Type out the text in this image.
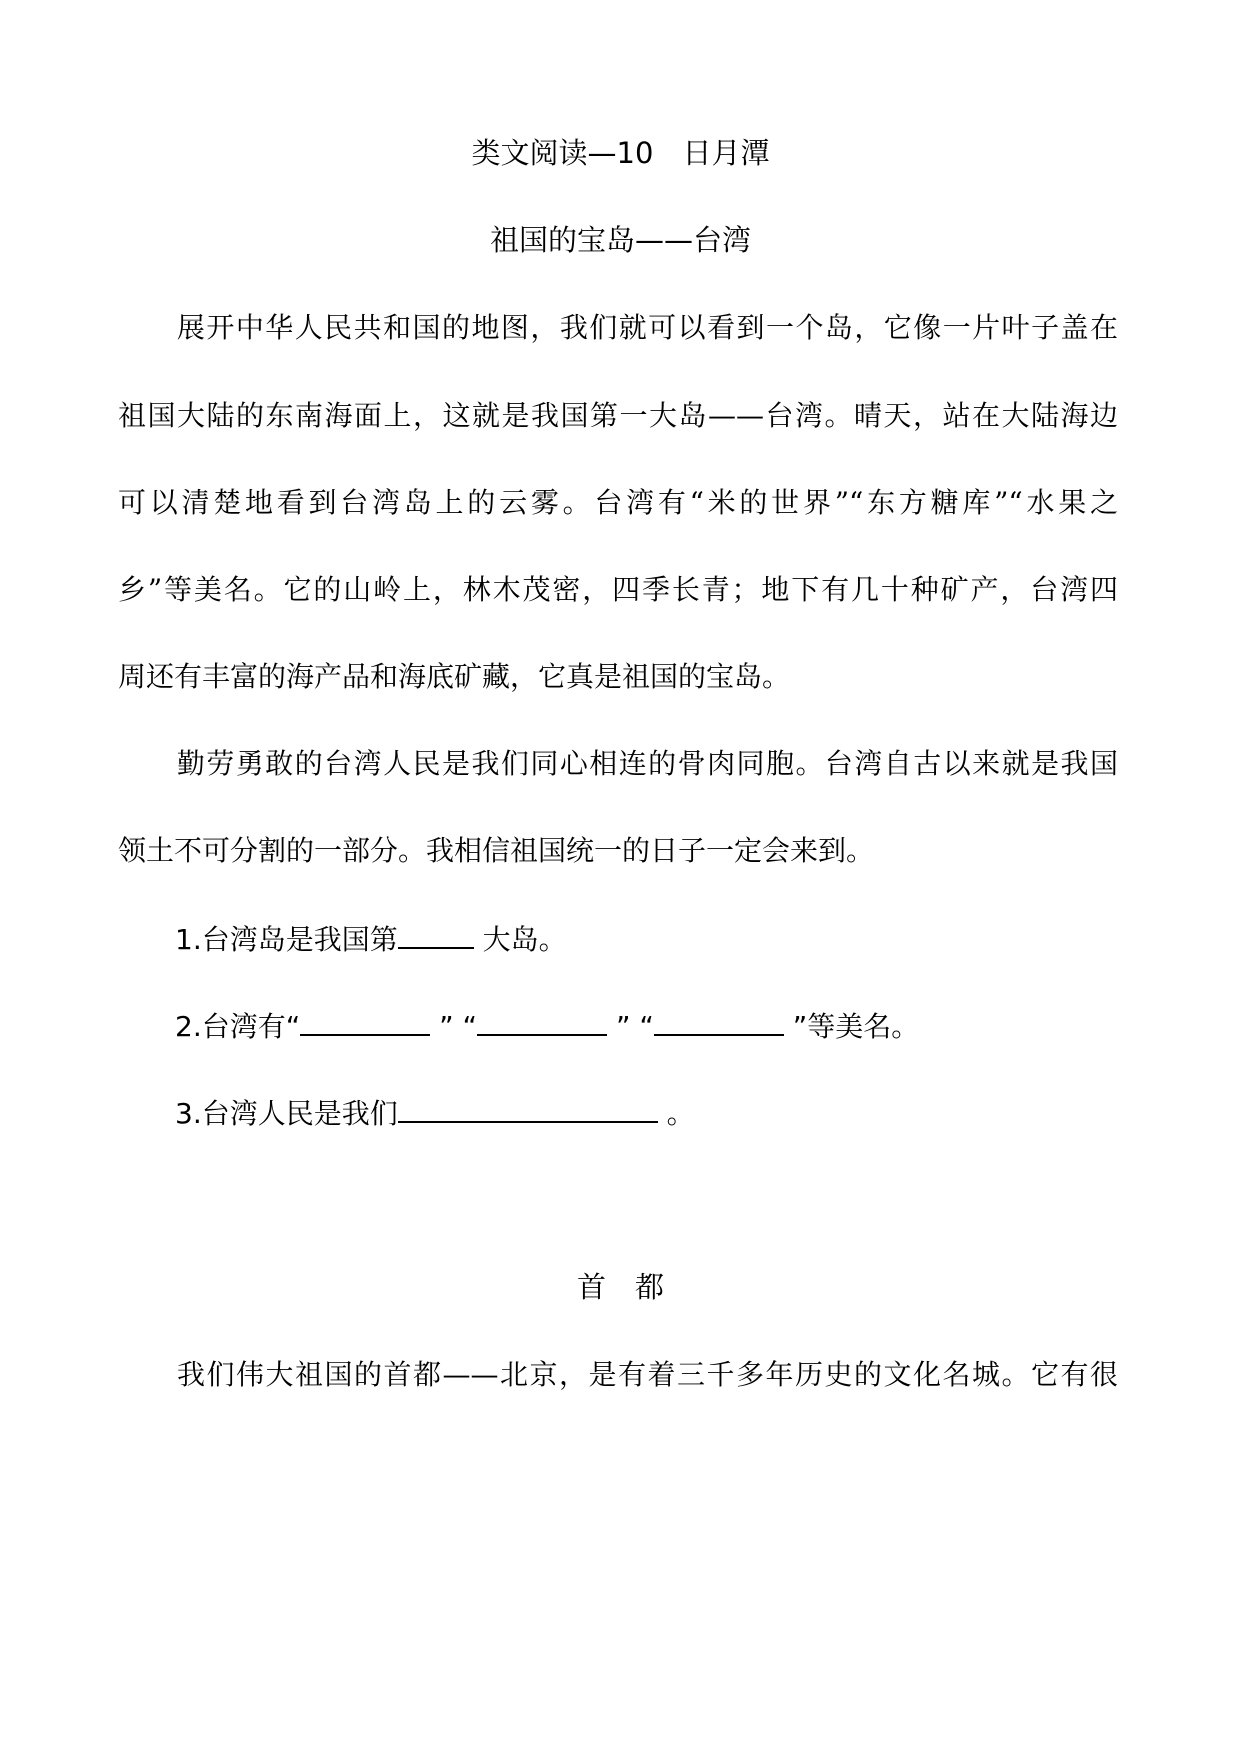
类文阅读—10　日月潭
祖国的宝岛——台湾
　　展开中华人民共和国的地图，我们就可以看到一个岛，它像一片叶子盖在
祖国大陆的东南海面上，这就是我国第一大岛——台湾。晴天，站在大陆海边
可以清楚地看到台湾岛上的云雾。台湾有“米的世界”“东方糖库”“水果之
乡”等美名。它的山岭上，林木茂密，四季长青；地下有几十种矿产，台湾四
周还有丰富的海产品和海底矿藏，它真是祖国的宝岛。
　　勤劳勇敢的台湾人民是我们同心相连的骨肉同胞。台湾自古以来就是我国
领土不可分割的一部分。我相信祖国统一的日子一定会来到。
1.台湾岛是我国第	大岛。
2.台湾有“	” “	” “	”等美名。
3.台湾人民是我们	。
首　都
　　我们伟大祖国的首都——北京，是有着三千多年历史的文化名城。它有很
